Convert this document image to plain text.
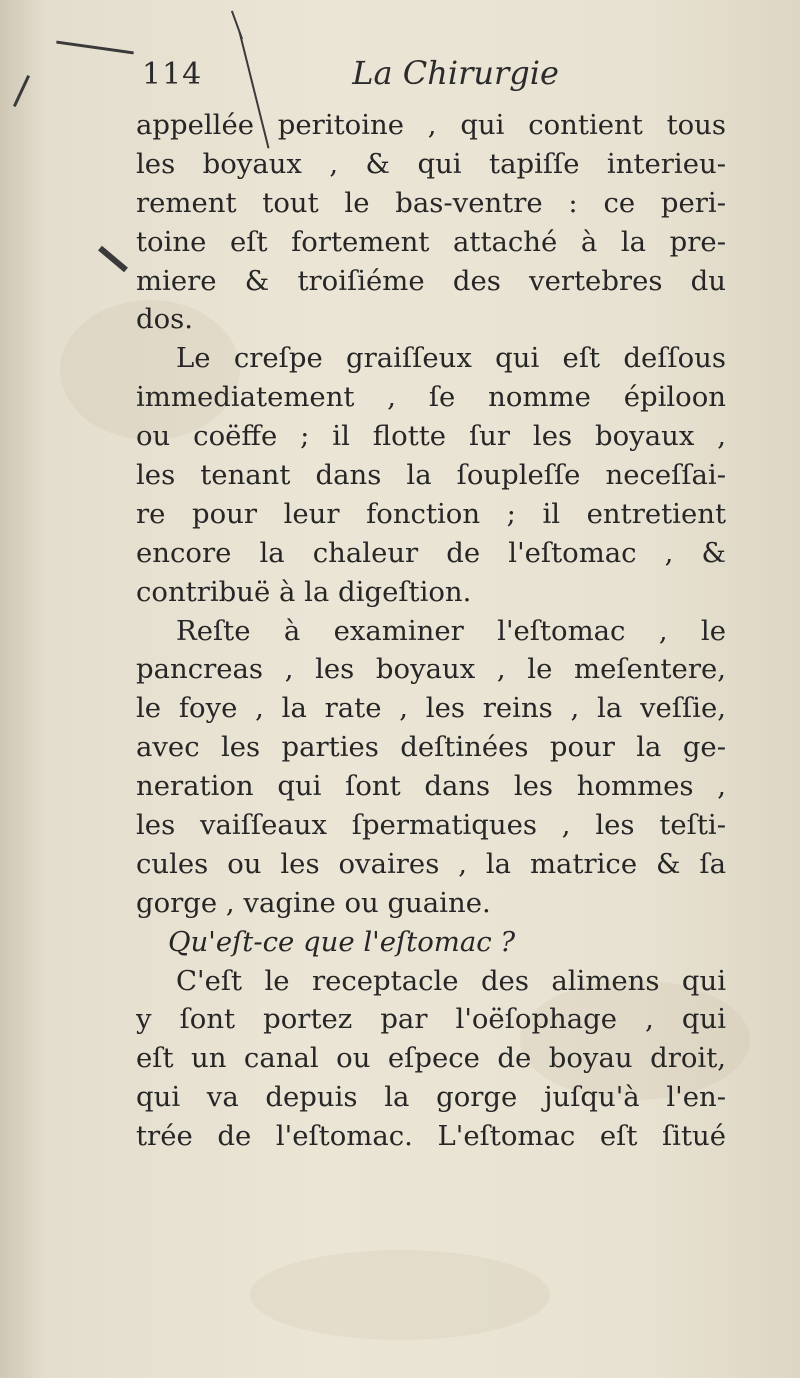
114	La Chirurgie
appellée peritoine , qui contient tous
les boyaux , & qui tapiſſe interieu-
rement tout le bas-ventre : ce peri-
toine eſt fortement attaché à la pre-
miere & troiſiéme des vertebres du
dos.
Le creſpe graiſſeux qui eſt deſſous
immediatement , ſe nomme épiloon
ou coëffe ; il flotte ſur les boyaux ,
les tenant dans la ſoupleſſe neceſſai-
re pour leur fonction ; il entretient
encore la chaleur de l'eſtomac , &
contribuë à la digeſtion.
Reſte à examiner l'eſtomac , le
pancreas , les boyaux , le meſentere,
le foye , la rate , les reins , la veſſie,
avec les parties deſtinées pour la ge-
neration qui ſont dans les hommes ,
les vaiſſeaux ſpermatiques , les teſti-
cules ou les ovaires , la matrice & ſa
gorge , vagine ou guaine.
Qu'eſt-ce que l'eſtomac ?
C'eſt le receptacle des alimens qui
y ſont portez par l'oëſophage , qui
eſt un canal ou eſpece de boyau droit,
qui va depuis la gorge juſqu'à l'en-
trée de l'eſtomac. L'eſtomac eſt ſitué
